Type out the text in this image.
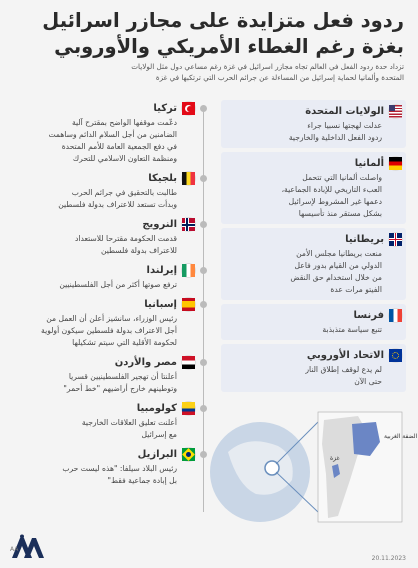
ردود فعل متزايدة على مجازر اسرائيل
بغزة رغم الغطاء الأمريكي والأوروبي
تزداد حدة ردود الفعل في العالم تجاه مجازر اسرائيل في غزة رغم مساعي دول مثل الولايات
المتحدة وألمانيا لحماية إسرائيل من المساءلة عن جرائم الحرب التي ترتكبها في غزة
الولايات المتحدة
عدلت لهجتها نسبيا جراء
ردود الفعل الداخلية والخارجية
ألمانيا
واصلت ألمانيا التي تتحمل
العبء التاريخي للإبادة الجماعية،
دعمها غير المشروط لإسرائيل
بشكل مستقر منذ تأسيسها
بريطانيا
منعت بريطانيا مجلس الأمن
الدولي من القيام بدور فاعل
من خلال استخدام حق النقض
الفيتو مرات عدة
فرنسا
تتبع سياسة متذبذبة
الاتحاد الأوروبي
لم يدع لوقف إطلاق النار
حتى الآن
تركيا
دعّمت موقفها الواضح بمقترح آلية
الضامنين من أجل السلام الدائم وساهمت
في دفع الجمعية العامة للأمم المتحدة
ومنظمة التعاون الاسلامي للتحرك
بلجيكا
طالبت بالتحقيق في جرائم الحرب
وبدأت تستعد للاعتراف بدولة فلسطين
النرويج
قدمت الحكومة مقترحا للاستعداد
للاعتراف بدولة فلسطين
إيرلندا
ترفع صوتها أكثر من أجل الفلسطينيين
إسبانيا
رئيس الوزراء، سانشيز أعلن أن العمل من
أجل الاعتراف بدولة فلسطين سيكون أولوية
لحكومة الأقلية التي سيتم تشكيلها
مصر والأردن
أعلنتا أن تهجير الفلسطينيين قسريا
وتوطينهم خارج أراضيهم "خط أحمر"
كولومبيا
أعلنت تعليق العلاقات الخارجية
مع إسرائيل
البرازيل
رئيس البلاد سيلفا: "هذه ليست حرب
بل إبادة جماعية فقط"
الضفة الغربية
غزة
AA
20.11.2023
